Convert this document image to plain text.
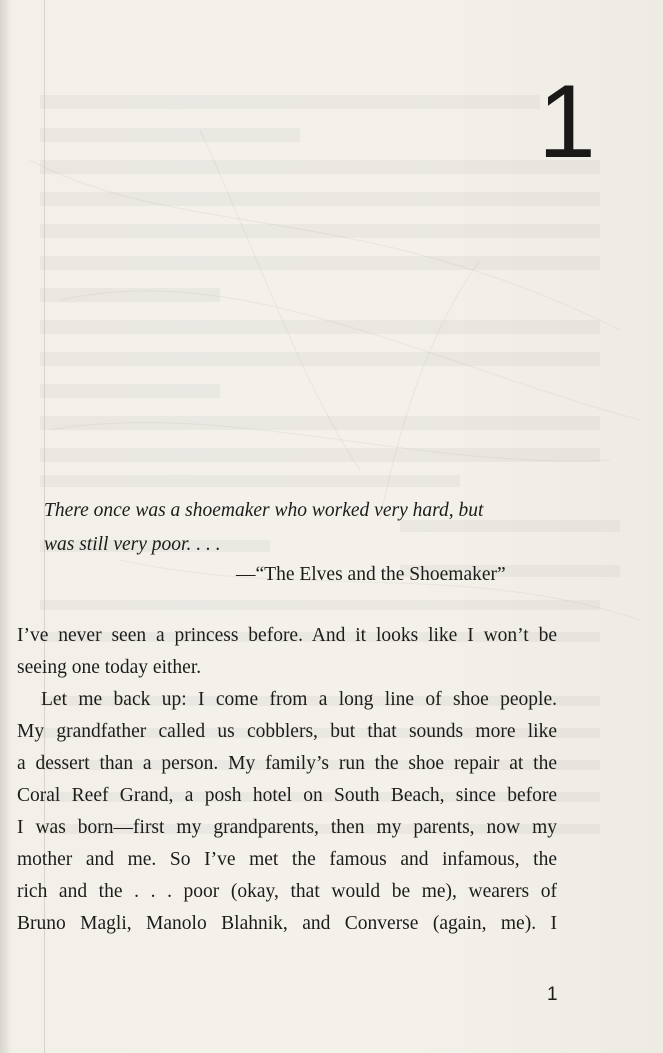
1
There once was a shoemaker who worked very hard, but
was still very poor. . . .
—“The Elves and the Shoemaker”
I’ve never seen a princess before. And it looks like I won’t be
seeing one today either.
Let me back up: I come from a long line of shoe people.
My grandfather called us cobblers, but that sounds more like
a dessert than a person. My family’s run the shoe repair at the
Coral Reef Grand, a posh hotel on South Beach, since before
I was born—first my grandparents, then my parents, now my
mother and me. So I’ve met the famous and infamous, the
rich and the . . . poor (okay, that would be me), wearers of
Bruno Magli, Manolo Blahnik, and Converse (again, me). I
1
